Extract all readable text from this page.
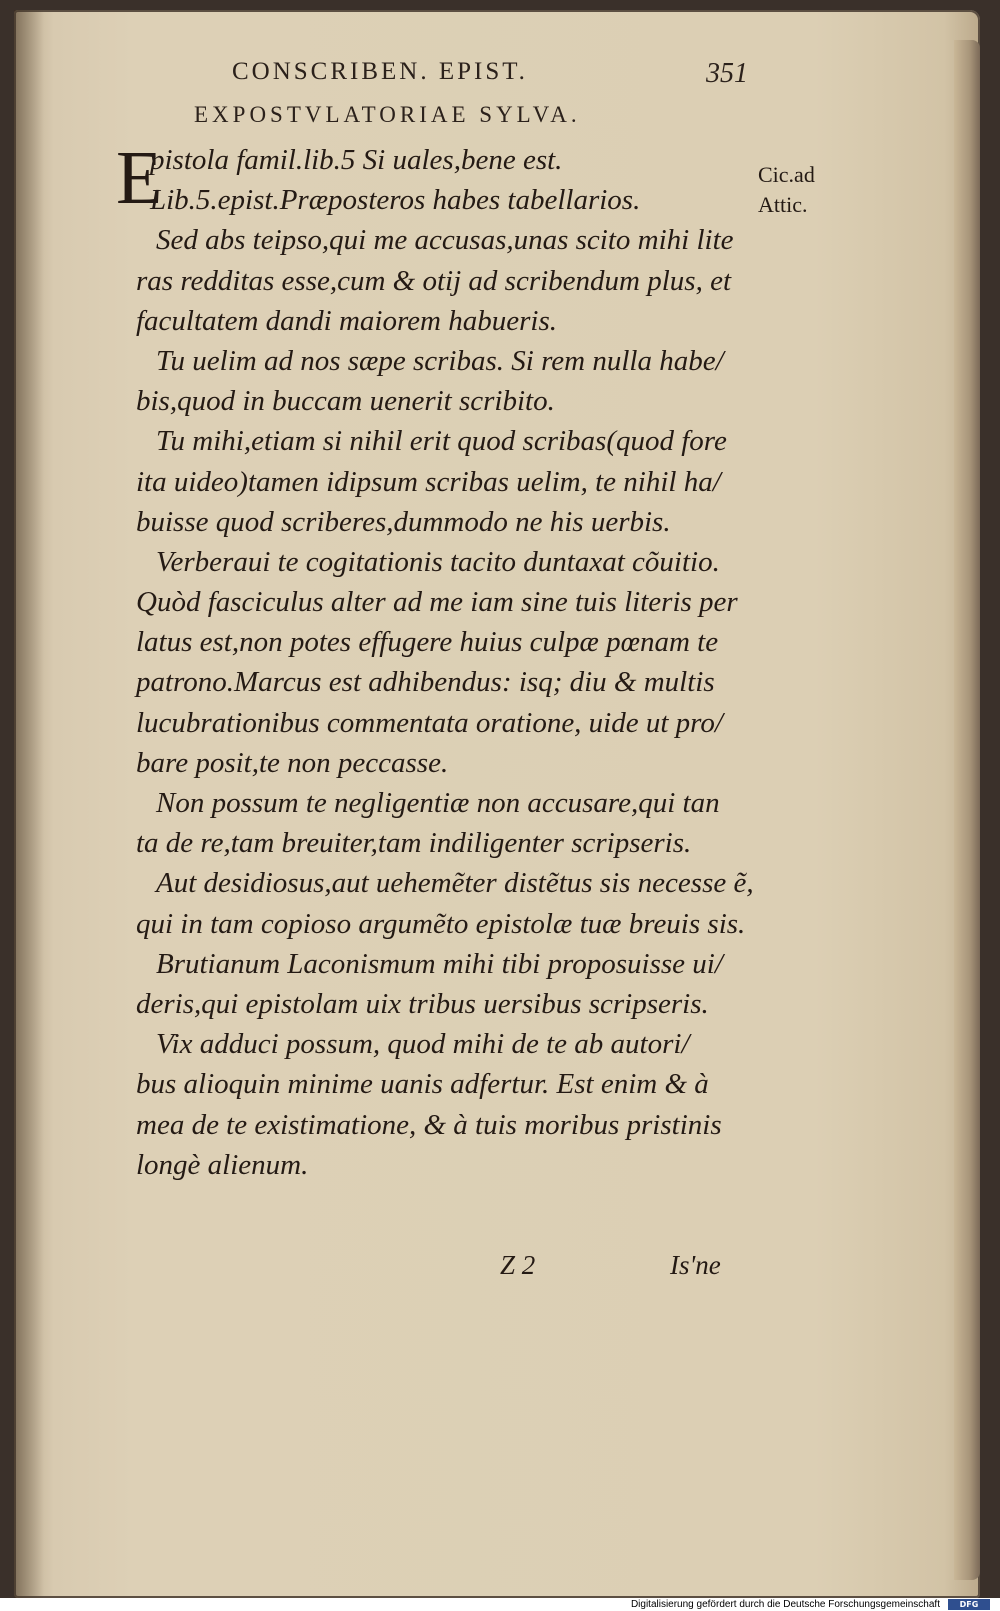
CONSCRIBEN. EPIST.	351
EXPOSTVLATORIAE SYLVA.
E
pistola famil.lib.5 Si uales,bene est.
Lib.5.epist.Præposteros habes tabellarios.
Sed abs teipso,qui me accusas,unas scito mihi lite
ras redditas esse,cum & otij ad scribendum plus, et
facultatem dandi maiorem habueris.
Tu uelim ad nos sæpe scribas. Si rem nulla habe/
bis,quod in buccam uenerit scribito.
Tu mihi,etiam si nihil erit quod scribas(quod fore
ita uideo)tamen idipsum scribas uelim, te nihil ha/
buisse quod scriberes,dummodo ne his uerbis.
Verberaui te cogitationis tacito duntaxat cõuitio.
Quòd fasciculus alter ad me iam sine tuis literis per
latus est,non potes effugere huius culpæ pœnam te
patrono.Marcus est adhibendus: isq; diu & multis
lucubrationibus commentata oratione, uide ut pro/
bare posit,te non peccasse.
Non possum te negligentiæ non accusare,qui tan
ta de re,tam breuiter,tam indiligenter scripseris.
Aut desidiosus,aut uehemẽter distẽtus sis necesse ẽ,
qui in tam copioso argumẽto epistolæ tuæ breuis sis.
Brutianum Laconismum mihi tibi proposuisse ui/
deris,qui epistolam uix tribus uersibus scripseris.
Vix adduci possum, quod mihi de te ab autori/
bus alioquin minime uanis adfertur. Est enim & à
mea de te existimatione, & à tuis moribus pristinis
longè alienum.
Cic.ad
Attic.
Z 2	Is'ne
Digitalisierung gefördert durch die Deutsche Forschungsgemeinschaft	DFG
